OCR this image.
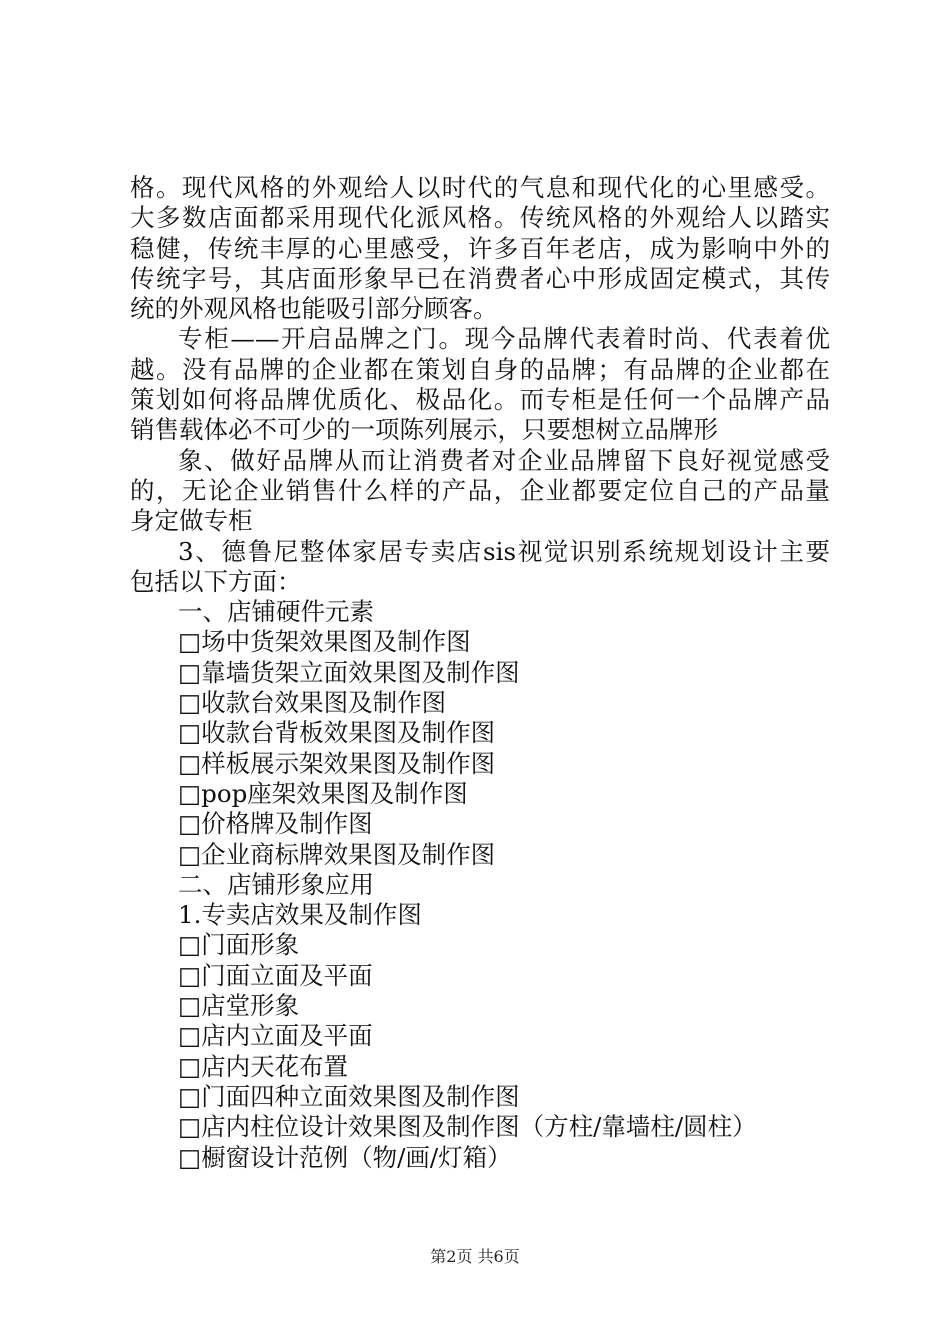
格。现代风格的外观给人以时代的气息和现代化的心里感受。
大多数店面都采用现代化派风格。传统风格的外观给人以踏实
稳健，传统丰厚的心里感受，许多百年老店，成为影响中外的
传统字号，其店面形象早已在消费者心中形成固定模式，其传
统的外观风格也能吸引部分顾客。
专柜——开启品牌之门。现今品牌代表着时尚、代表着优
越。没有品牌的企业都在策划自身的品牌；有品牌的企业都在
策划如何将品牌优质化、极品化。而专柜是任何一个品牌产品
销售载体必不可少的一项陈列展示，只要想树立品牌形
象、做好品牌从而让消费者对企业品牌留下良好视觉感受
的，无论企业销售什么样的产品，企业都要定位自己的产品量
身定做专柜
3、德鲁尼整体家居专卖店sis视觉识别系统规划设计主要
包括以下方面：
一、店铺硬件元素
□场中货架效果图及制作图
□靠墙货架立面效果图及制作图
□收款台效果图及制作图
□收款台背板效果图及制作图
□样板展示架效果图及制作图
□pop座架效果图及制作图
□价格牌及制作图
□企业商标牌效果图及制作图
二、店铺形象应用
1.专卖店效果及制作图
□门面形象
□门面立面及平面
□店堂形象
□店内立面及平面
□店内天花布置
□门面四种立面效果图及制作图
□店内柱位设计效果图及制作图（方柱/靠墙柱/圆柱）
□橱窗设计范例（物/画/灯箱）
第2页 共6页
